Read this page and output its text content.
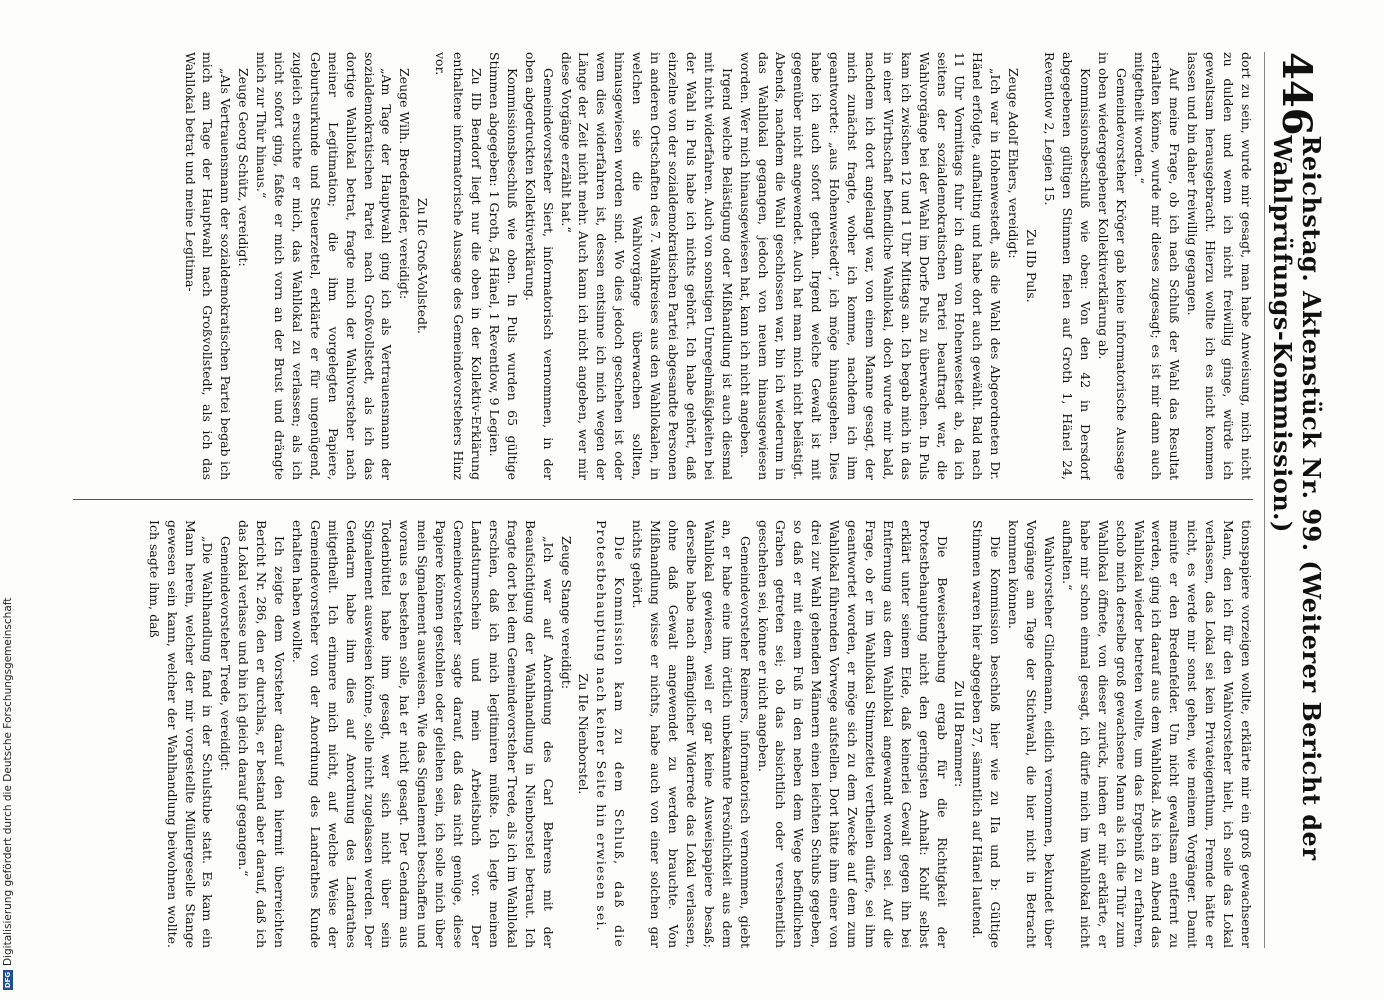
446
Reichstag. Aktenstück Nr. 99. (Weiterer Bericht der Wahlprüfungs-Kommission.)

dort zu sein, wurde mir gesagt, man habe Anweisung, mich nicht zu dulden und wenn ich nicht freiwillig ginge, würde ich gewaltsam herausgebracht. Hierzu wollte ich es nicht kommen lassen und bin daher freiwillig gegangen.

Auf meine Frage, ob ich nach Schluß der Wahl das Resultat erhalten könne, wurde mir dieses zugesagt; es ist mir dann auch mitgetheilt worden.“

Gemeindevorsteher Kröger gab keine informatorische Aussage in oben wiedergegebener Kollektiverklärung ab.

Kommissionsbeschluß wie oben: Von den 42 in Dersdorf abgegebenen gültigen Stimmen fielen auf Groth 1, Hänel 24, Reventlow 2, Legien 15.

Zu IIb Puls.

Zeuge Adolf Ehlers, vereidigt:

„Ich war in Hohenwestedt, als die Wahl des Abgeordneten Dr. Hänel erfolgte, aufhalting und habe dort auch gewählt. Bald nach 11 Uhr Vormittags fuhr ich dann von Hohenwestedt ab, da ich seitens der sozialdemokratischen Partei beauftragt war, die Wahlvorgänge bei der Wahl im Dorfe Puls zu überwachen. In Puls kam ich zwischen 12 und 1 Uhr Mittags an. Ich begab mich in das in einer Wirthschaft befindliche Wahllokal, doch wurde mir bald, nachdem ich dort angelangt war, von einem Manne gesagt, der mich zunächst fragte, woher ich komme, nachdem ich ihm geantwortet: „aus Hohenwestedt“, ich möge hinausgehen. Dies habe ich auch sofort gethan. Irgend welche Gewalt ist mit gegenüber nicht angewendet. Auch hat man mich nicht belästigt. Abends, nachdem die Wahl geschlossen war, bin ich wiederum in das Wahllokal gegangen, jedoch von neuem hinausgewiesen worden. Wer mich hinausgewiesen hat, kann ich nicht angeben.

Irgend welche Belästigung oder Mißhandlung ist auch diesmal mit nicht widerfahren. Auch von sonstigen Unregelmäßigkeiten bei der Wahl in Puls habe ich nichts gehört. Ich habe gehört, daß einzelne von der sozialdemokratischen Partei abgesandte Personen in anderen Ortschaften des 7. Wahlkreises aus den Wahllokalen, in welchen sie die Wahlvorgänge überwachen sollten, hinausgewiesen worden sind. Wo dies jedoch geschehen ist oder wem dies widerfahren ist, dessen entsinne ich mich wegen der Länge der Zeit nicht mehr. Auch kann ich nicht angeben, wer mir diese Vorgänge erzählt hat.“

Gemeindevorsteher Siert, informatorisch vernommen, in der oben abgedruckten Kollektiverklärung.

Kommissionsbeschluß wie oben. In Puls wurden 65 gültige Stimmen abgegeben: 1 Groth, 54 Hänel, 1 Reventlow, 9 Legien.

Zu IIb Bendorf liegt nur die oben in der Kollektiv-Erklärung enthaltene informatorische Aussage des Gemeindevorstehers Hinz vor.

Zu IIc Groß-Vollstedt.

Zeuge Wilh. Bredenfelder, vereidigt:

„Am Tage der Hauptwahl ging ich als Vertrauensmann der sozialdemokratischen Partei nach Großvollstedt, als ich das dortige Wahllokal betrat, fragte mich der Wahlvorsteher nach meiner Legitimation; die ihm vorgelegten Papiere, Geburtsurkunde und Steuerzettel, erklärte er für ungenügend, zugleich ersuchte er mich, das Wahllokal zu verlassen; als ich nicht sofort ging, faßte er mich vorn an der Brust und drängte mich zur Thür hinaus.“

Zeuge Georg Schütz, vereidigt:

„Als Vertrauensmann der sozialdemokratischen Partei begab ich mich am Tage der Hauptwahl nach Großvollstedt, als ich das Wahllokal betrat und meine Legitima-

tionspapiere vorzeigen wollte, erklärte mir ein groß gewachsener Mann, den ich für den Wahlvorsteher hielt, ich solle das Lokal verlassen, das Lokal sei kein Privateigenthum, Fremde hätte er nicht, es werde mir sonst gehen, wie meinem Vorgänger. Damit meinte er den Bredenfelder. Um nicht gewaltsam entfernt zu werden, ging ich darauf aus dem Wahllokal. Als ich am Abend das Wahllokal wieder betreten wollte, um das Ergebniß zu erfahren, schob mich derselbe groß gewachsene Mann als ich die Thür zum Wahllokal öffnete, von dieser zurück, indem er mir erklärte, er habe mir schon einmal gesagt, ich dürfe mich im Wahllokal nicht aufhalten.“

Wahlvorsteher Glindemann, eidlich vernommen, bekundet über Vorgänge am Tage der Stichwahl, die hier nicht in Betracht kommen können.

Die Kommission beschloß hier wie zu IIa und b: Gültige Stimmen waren hier abgegeben 27, sämmtlich auf Hänel lautend.

Zu IId Brammer:

Die Beweiserhebung ergab für die Richtigkeit der Protestbehauptung nicht den geringsten Anhalt: Kohlf selbst erklärt unter seinem Eide, daß keinerlei Gewalt gegen ihn bei Entfernung aus dem Wahllokal angewandt worden sei. Auf die Frage, ob er im Wahllokal Stimmzettel vertheilen dürfe, sei ihm geantwortet worden, er möge sich zu dem Zwecke auf dem zum Wahllokal führenden Vorwege aufstellen. Dort hätte ihm einer von drei zur Wahl gehenden Männern einen leichten Schubs gegeben, so daß er mit einem Fuß in den neben dem Wege befindlichen Graben getreten sei; ob das absichtlich oder versehentlich geschehen sei, könne er nicht angeben.

Gemeindevorsteher Reimers, informatorisch vernommen, giebt an, er habe eine ihm örtlich unbekannte Persönlichkeit aus dem Wahllokal gewiesen, weil er gar keine Ausweispapiere besaß; derselbe habe nach anfänglicher Widerrede das Lokal verlassen, ohne daß Gewalt angewendet zu werden brauchte. Von Mißhandlung wisse er nichts, habe auch von einer solchen gar nichts gehört.

Die Kommission kam zu dem Schluß, daß die Protestbehauptung nach keiner Seite hin erwiesen sei.

Zu IIe Nienborstel.

Zeuge Stange vereidigt:

„Ich war auf Anordnung des Carl Behrens mit der Beaufsichtigung der Wahlhandlung in Nienborstel betraut. Ich fragte dort bei dem Gemeindevorsteher Trede, als ich im Wahllokal erschien, daß ich mich legitimiren müßte. Ich legte meinen Landsturmschein und mein Arbeitsbuch vor. Der Gemeindevorsteher sagte darauf, daß das nicht genüge, diese Papiere können gestohlen oder geliehen sein, ich solle mich über mein Signalement ausweisen. Wie das Signalement beschaffen und woraus es bestehen solle, hat er nicht gesagt. Der Gendarm aus Todenbüttel habe ihm gesagt, wer sich nicht über sein Signalement ausweisen könne, solle nicht zugelassen werden. Der Gendarm habe ihm dies auf Anordnung des Landrathes mitgetheilt. Ich erinnere mich nicht, auf welche Weise der Gemeindevorsteher von der Anordnung des Landrathes Kunde erhalten haben wollte.

Ich zeigte dem Vorsteher darauf den hiermit überreichten Bericht Nr. 286, den er durchlas, er bestand aber darauf, daß ich das Lokal verlasse und bin ich gleich darauf gegangen.“

Gemeindevorsteher Trede, vereidigt:

„Die Wahlhandlung fand in der Schulstube statt. Es kam ein Mann herein, welcher der mir vorgestellte Müllergeselle Stange gewesen sein kann, welcher der Wahlhandlung beiwohnen wollte. Ich sagte ihm, daß

DFG
Digitalisierung gefördert durch die Deutsche Forschungsgemeinschaft
